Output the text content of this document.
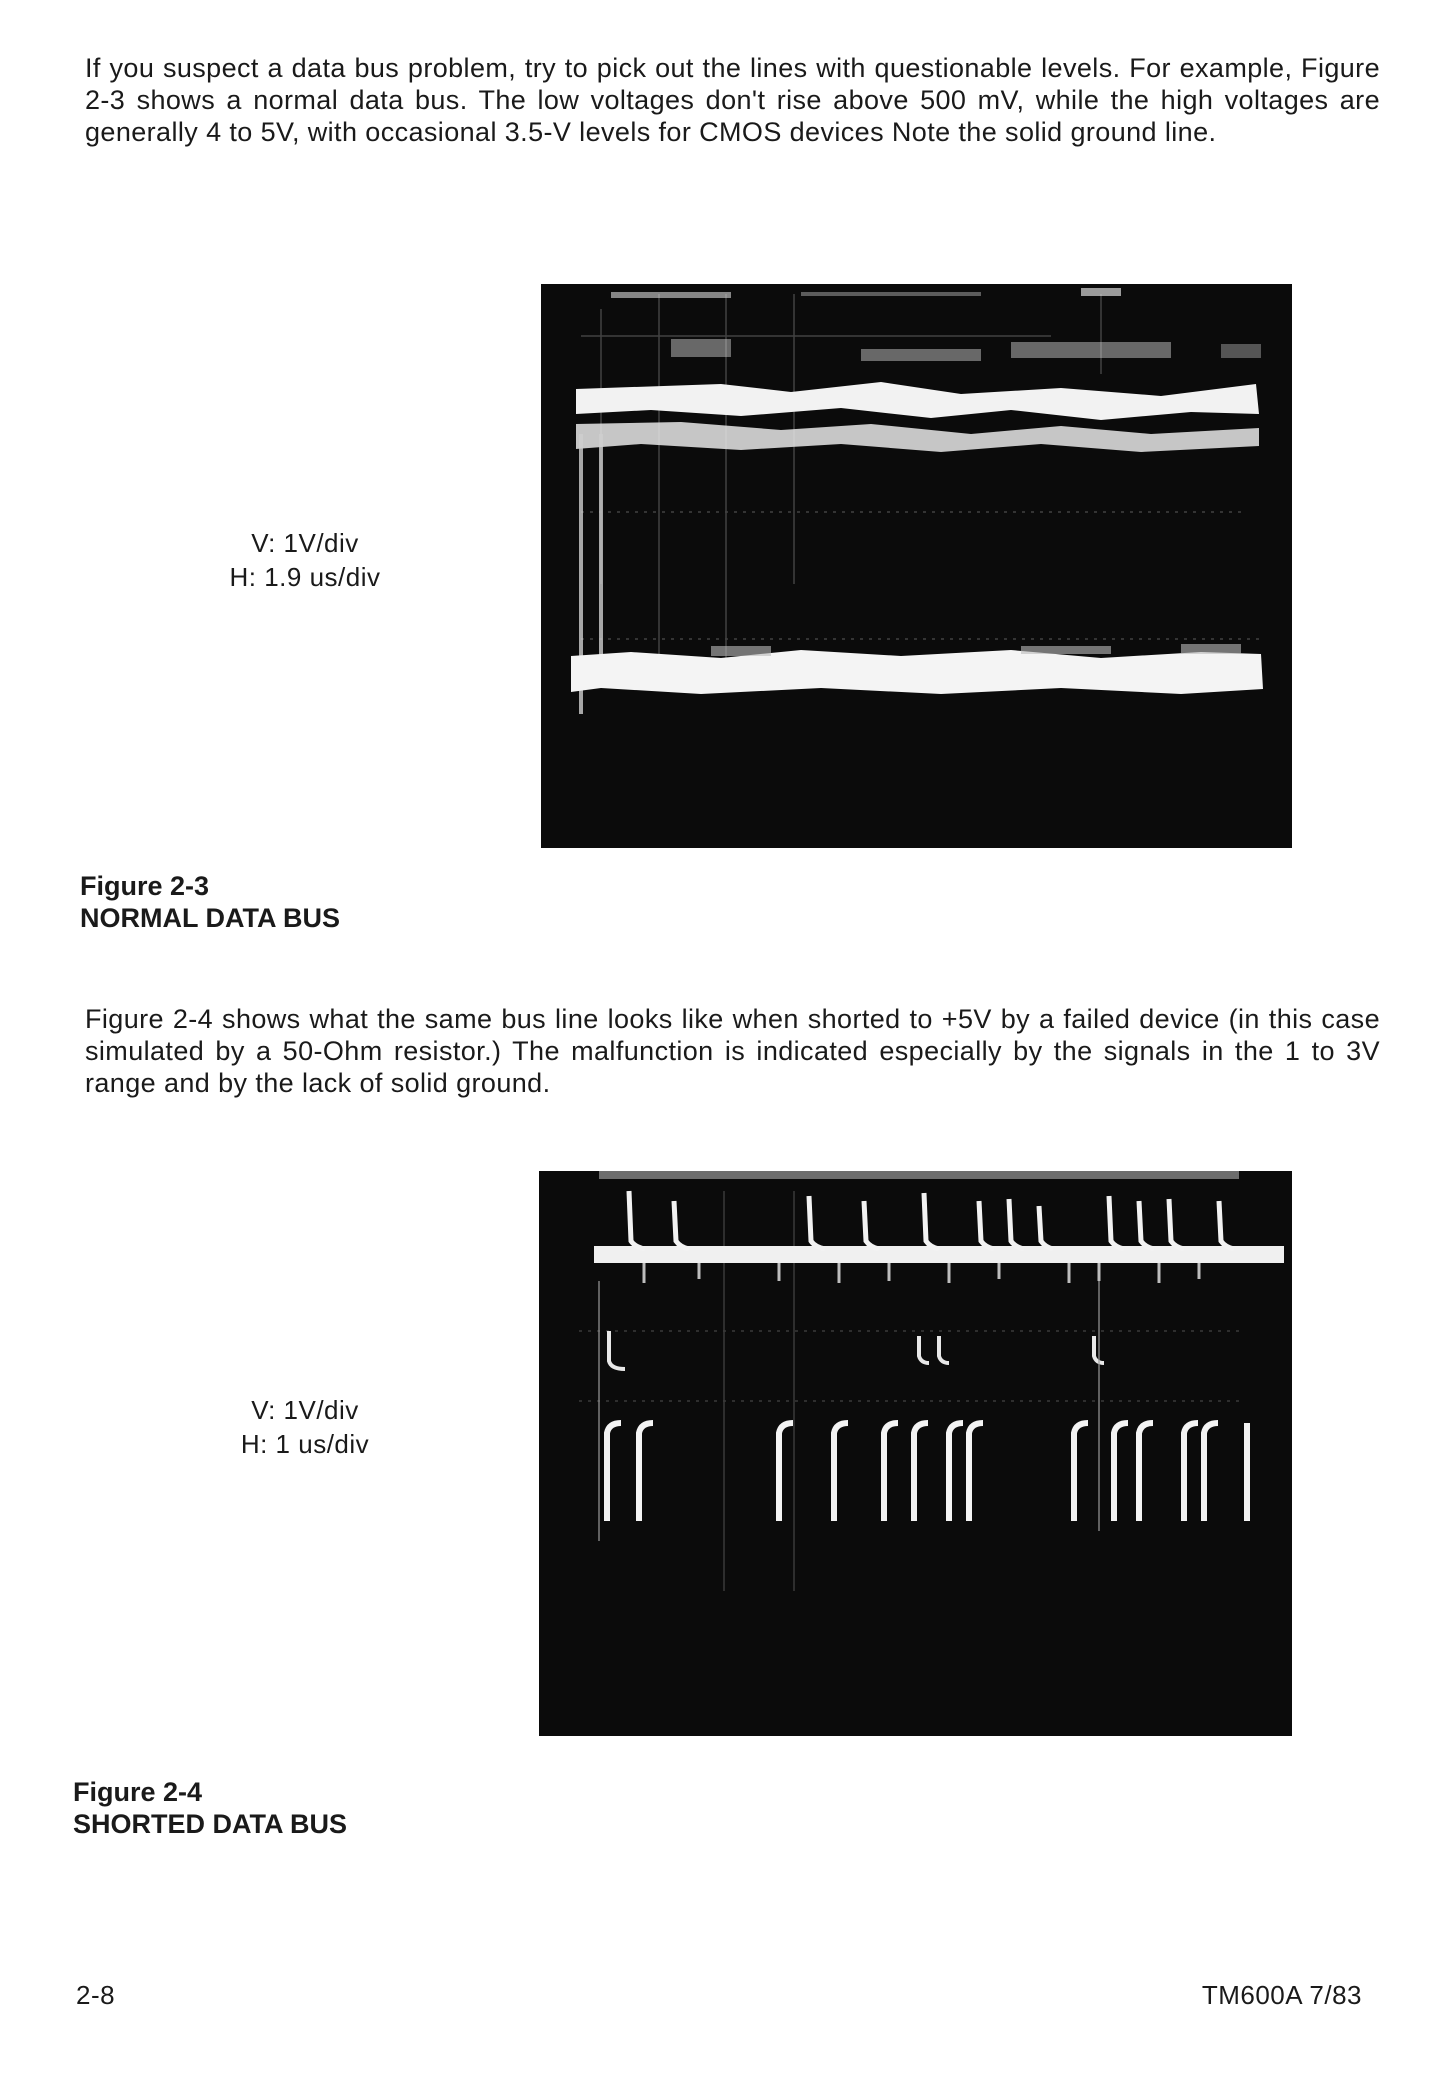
If you suspect a data bus problem, try to pick out the lines with questionable levels. For example, Figure 2-3 shows a normal data bus. The low voltages don't rise above 500 mV, while the high voltages are generally 4 to 5V, with occasional 3.5-V levels for CMOS devices Note the solid ground line.

V: 1V/div
H: 1.9 us/div
Figure 2-3
NORMAL DATA BUS

Figure 2-4 shows what the same bus line looks like when shorted to +5V by a failed device (in this case simulated by a 50-Ohm resistor.) The malfunction is indicated especially by the signals in the 1 to 3V range and by the lack of solid ground.

V: 1V/div
H: 1 us/div
Figure 2-4
SHORTED DATA BUS
2-8	TM600A 7/83
